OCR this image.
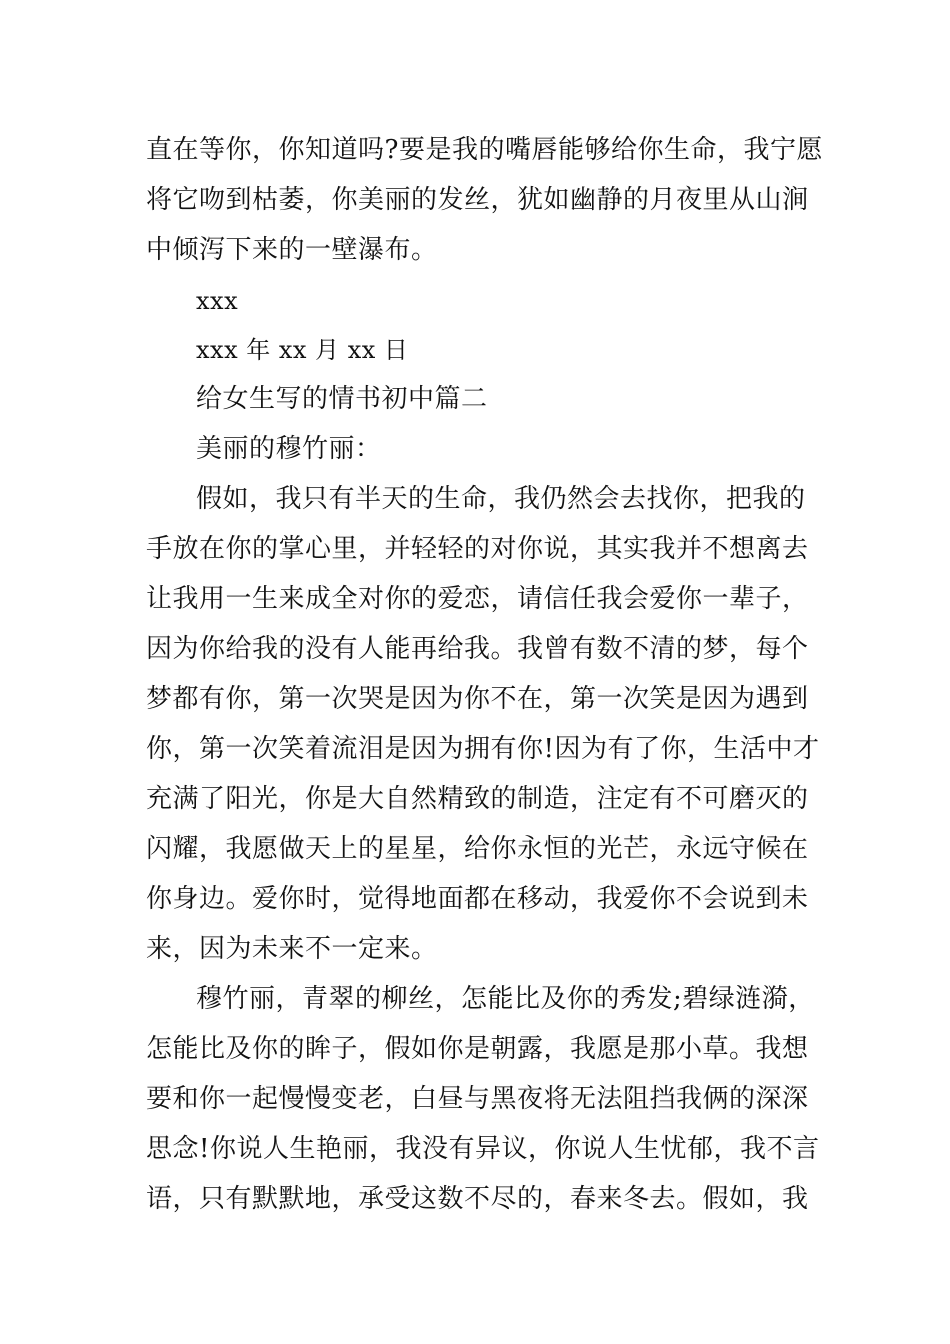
直在等你，你知道吗?要是我的嘴唇能够给你生命，我宁愿
将它吻到枯萎，你美丽的发丝，犹如幽静的月夜里从山涧
中倾泻下来的一壁瀑布。
xxx
xxx 年 xx 月 xx 日
给女生写的情书初中篇二
美丽的穆竹丽：
假如，我只有半天的生命，我仍然会去找你，把我的
手放在你的掌心里，并轻轻的对你说，其实我并不想离去
让我用一生来成全对你的爱恋，请信任我会爱你一辈子，
因为你给我的没有人能再给我。我曾有数不清的梦，每个
梦都有你，第一次哭是因为你不在，第一次笑是因为遇到
你，第一次笑着流泪是因为拥有你!因为有了你，生活中才
充满了阳光，你是大自然精致的制造，注定有不可磨灭的
闪耀，我愿做天上的星星，给你永恒的光芒，永远守候在
你身边。爱你时，觉得地面都在移动，我爱你不会说到未
来，因为未来不一定来。
穆竹丽，青翠的柳丝，怎能比及你的秀发;碧绿涟漪，
怎能比及你的眸子，假如你是朝露，我愿是那小草。我想
要和你一起慢慢变老，白昼与黑夜将无法阻挡我俩的深深
思念!你说人生艳丽，我没有异议，你说人生忧郁，我不言
语，只有默默地，承受这数不尽的，春来冬去。假如，我
